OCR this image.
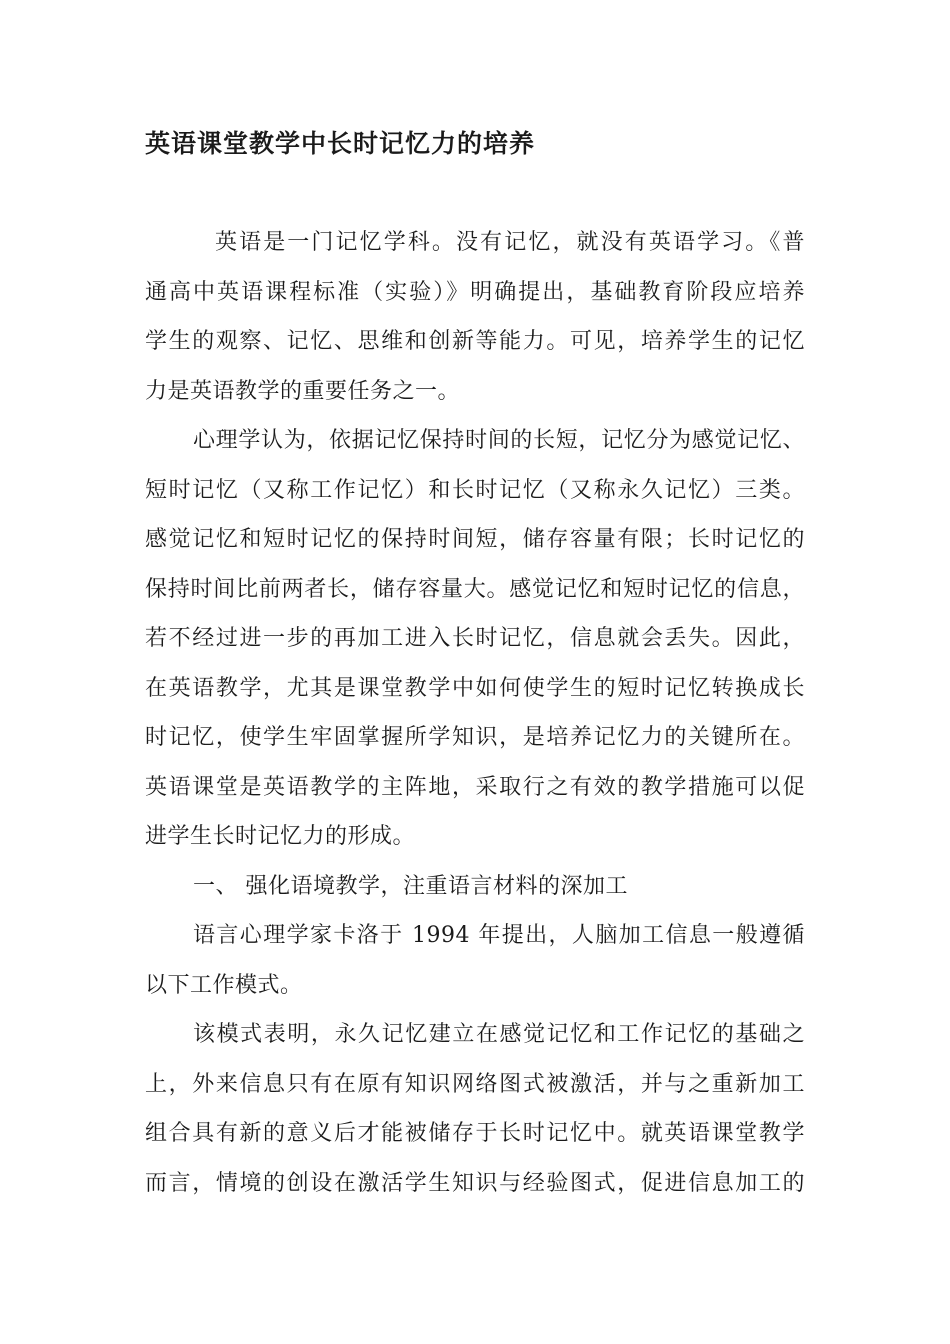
英语课堂教学中长时记忆力的培养
英语是一门记忆学科。没有记忆，就没有英语学习。《普
通高中英语课程标准（实验）》明确提出，基础教育阶段应培养
学生的观察、记忆、思维和创新等能力。可见，培养学生的记忆
力是英语教学的重要任务之一。
心理学认为，依据记忆保持时间的长短，记忆分为感觉记忆、
短时记忆（又称工作记忆）和长时记忆（又称永久记忆）三类。
感觉记忆和短时记忆的保持时间短，储存容量有限；长时记忆的
保持时间比前两者长，储存容量大。感觉记忆和短时记忆的信息，
若不经过进一步的再加工进入长时记忆，信息就会丢失。因此，
在英语教学，尤其是课堂教学中如何使学生的短时记忆转换成长
时记忆，使学生牢固掌握所学知识，是培养记忆力的关键所在。
英语课堂是英语教学的主阵地，采取行之有效的教学措施可以促
进学生长时记忆力的形成。
一、 强化语境教学，注重语言材料的深加工
语言心理学家卡洛于 1994 年提出，人脑加工信息一般遵循
以下工作模式。
该模式表明，永久记忆建立在感觉记忆和工作记忆的基础之
上，外来信息只有在原有知识网络图式被激活，并与之重新加工
组合具有新的意义后才能被储存于长时记忆中。就英语课堂教学
而言，情境的创设在激活学生知识与经验图式，促进信息加工的
